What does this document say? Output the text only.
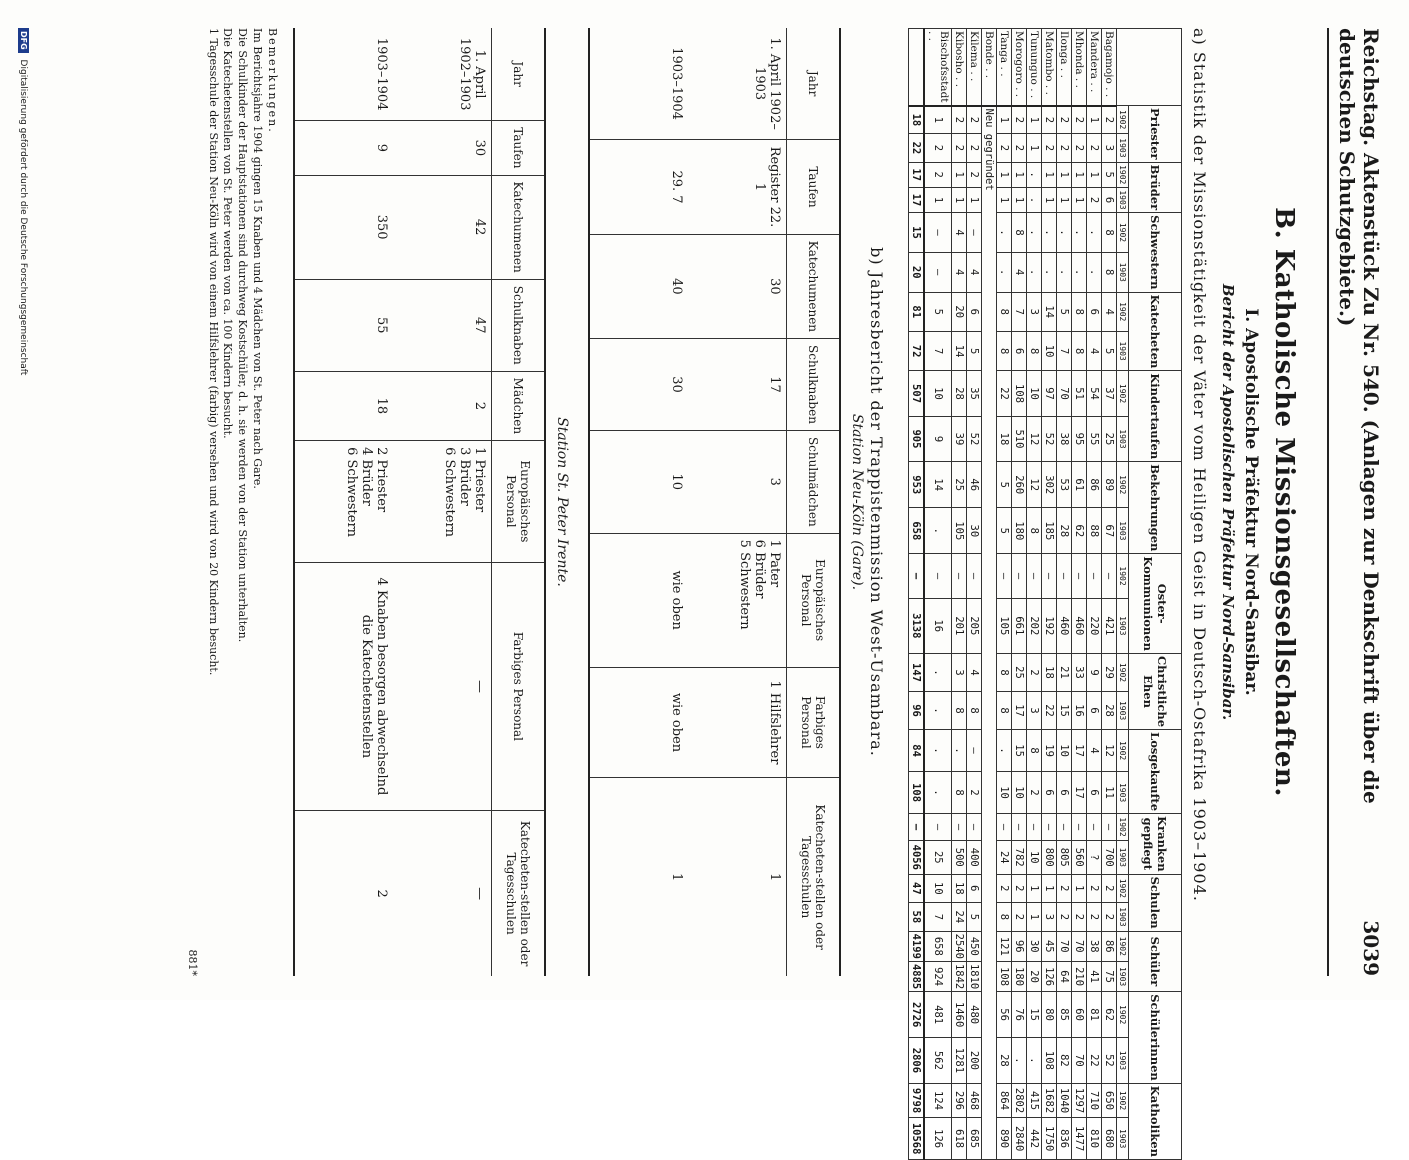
Reichstag. Aktenstück Zu Nr. 540. (Anlagen zur Denkschrift über die deutschen Schutzgebiete.)
3039
B. Katholische Missionsgesellschaften.
I. Apostolische Präfektur Nord-Sansibar.
Bericht der Apostolischen Präfektur Nord-Sansibar.
a) Statistik der Missionstätigkeit der Väter vom Heiligen Geist in Deutsch-Ostafrika 1903–1904.
	Priester		Brüder		Schwestern		Katecheten		Kindertaufen		Bekehrungen		Oster-Kommunionen		Christliche Ehen		Losgekaufte		Kranken gepflegt		Schulen		Schüler		Schülerinnen		Katholiken	
	1902	1903	1902	1903	1902	1903	1902	1903	1902	1903	1902	1903	1902	1903	1902	1903	1902	1903	1902	1903	1902	1903	1902	1903	1902	1903	1902	1903
Bagamojo . .	2	3	5	6	8	8	4	5	37	25	89	67	—	421	29	28	12	11	—	700	2	2	86	75	62	52	650	680
Mandera . .	1	2	1	2	.	.	6	4	54	55	86	88	—	220	9	6	4	6	—	?	2	2	38	41	81	22	710	810
Mhonda . .	2	2	1	1	.	.	8	8	51	95	61	62	—	460	33	16	17	17	—	560	1	2	70	210	60	70	1297	1477
Ilonga . .	2	2	1	1	.	.	5	7	70	38	53	28	—	460	21	15	10	6	—	805	2	2	70	64	85	82	1040	836
Matombo . .	2	2	1	1	.	.	14	10	97	52	302	185	—	192	18	22	19	6	—	800	1	3	45	126	80	108	1682	1750
Tununguo . .	1	1	.	.	.	.	3	8	10	12	12	8	—	202	2	3	8	2	—	10	1	1	30	20	15	.	415	442
Morogoro . .	2	2	1	1	8	4	7	6	108	510	260	180	—	661	25	17	15	10	—	782	2	2	96	180	76	.	2802	2840
Tanga . .	1	2	1	1	.	.	8	8	22	18	5	5	—	105	8	8	.	10	—	24	2	8	121	108	56	28	864	890
Bonde . .	Neu gegründet																											
Kilema . .	2	2	2	1	—	4	6	5	35	52	46	30	—	205	4	8	—	2	—	400	6	5	450	1810	480	200	468	685
Kibosho . .	2	2	1	1	4	4	20	14	28	39	25	105	—	201	3	8	.	8	—	500	18	24	2540	1842	1460	1281	296	618
Bischofsstadt . .	1	2	2	1	—	—	5	7	10	9	14	.	—	16	.	.	.	.	—	25	10	7	658	924	481	562	124	126
	18	22	17	17	15	20	81	72	507	905	953	658	—	3138	147	96	84	108	—	4056	47	58	4199	4885	2726	2806	9798	10568
b) Jahresbericht der Trappistenmission West-Usambara.
Station Neu-Köln (Gare).
Jahr	Taufen	Katechumenen	Schulknaben	Schulmädchen	Europäisches Personal	Farbiges Personal	Katecheten-stellen oder Tagesschulen
1. April 1902–1903	Register 22. 1	30	17	3	1 Pater
6 Brüder
5 Schwestern	1 Hilfslehrer	1
1903–1904	29. 7	40	30	10	wie oben	wie oben	1
Station St. Peter Irente.
Jahr	Taufen	Katechumenen	Schulknaben	Mädchen	Europäisches Personal	Farbiges Personal	Katecheten-stellen oder Tagesschulen
1. April 1902–1903	30	42	47	2	1 Priester
3 Brüder
6 Schwestern	—	—
1903–1904	9	350	55	18	2 Priester
4 Brüder
6 Schwestern	4 Knaben besorgen abwechselnd die Katechetenstellen	2
Bemerkungen.
Im Berichtsjahre 1904 gingen 15 Knaben und 4 Mädchen von St. Peter nach Gare.
Die Schulkinder der Hauptstationen sind durchweg Kostschüler, d. h. sie werden von der Station unterhalten.
Die Katechetenstellen von St. Peter werden von ca. 100 Kindern besucht.
1 Tagesschule der Station Neu-Köln wird von einem Hilfslehrer (farbig) versehen und wird von 20 Kindern besucht.
881*
DFG Digitalisierung gefördert durch die Deutsche Forschungsgemeinschaft
